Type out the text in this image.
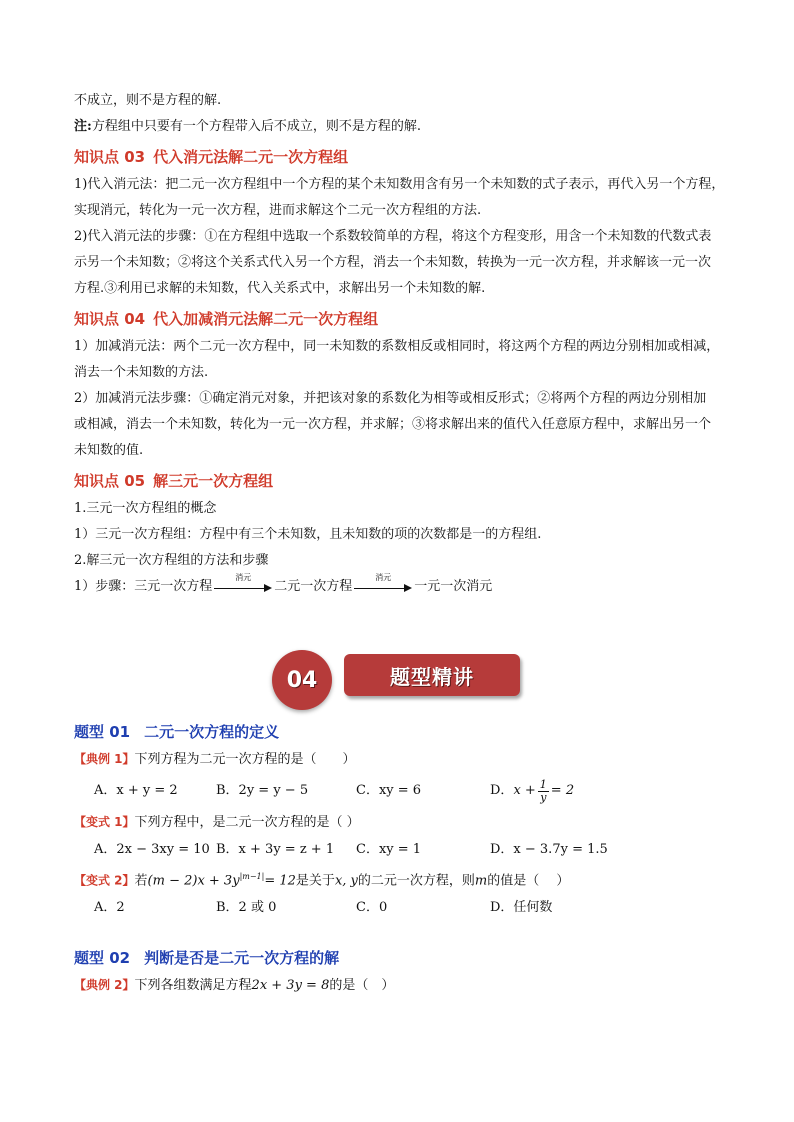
不成立，则不是方程的解.
注:方程组中只要有一个方程带入后不成立，则不是方程的解.
知识点 03 代入消元法解二元一次方程组
1)代入消元法：把二元一次方程组中一个方程的某个未知数用含有另一个未知数的式子表示，再代入另一个方程，
实现消元，转化为一元一次方程，进而求解这个二元一次方程组的方法.
2)代入消元法的步骤：①在方程组中选取一个系数较简单的方程，将这个方程变形，用含一个未知数的代数式表
示另一个未知数；②将这个关系式代入另一个方程，消去一个未知数，转换为一元一次方程，并求解该一元一次
方程.③利用已求解的未知数，代入关系式中，求解出另一个未知数的解.
知识点 04 代入加减消元法解二元一次方程组
1）加减消元法：两个二元一次方程中，同一未知数的系数相反或相同时，将这两个方程的两边分别相加或相减，
消去一个未知数的方法.
2）加减消元法步骤：①确定消元对象，并把该对象的系数化为相等或相反形式；②将两个方程的两边分别相加
或相减，消去一个未知数，转化为一元一次方程，并求解；③将求解出来的值代入任意原方程中，求解出另一个
未知数的值.
知识点 05 解三元一次方程组
1.三元一次方程组的概念
1）三元一次方程组：方程中有三个未知数，且未知数的项的次数都是一的方程组.
2.解三元一次方程组的方法和步骤
1）步骤：三元一次方程
消元
二元一次方程
消元
一元一次消元
04	题型精讲
题型 01 二元一次方程的定义
【典例 1】下列方程为二元一次方程的是（　　）
A．x + y = 2	B．2y = y − 5	C．xy = 6	D． $x + \frac{1}{y} = 2$
【变式 1】下列方程中，是二元一次方程的是（ ）
A．2x − 3xy = 10 B．x + 3y = z + 1	C．xy = 1	D．x − 3.7y = 1.5
【变式 2】若$(m - 2)x + 3y^{|m-1|}= 12$是关于x, y的二元一次方程，则m的值是（　 ）
A．2	B．2 或 0	C．0	D．任何数
题型 02 判断是否是二元一次方程的解
【典例 2】下列各组数满足方程2x + 3y = 8的是（　）
